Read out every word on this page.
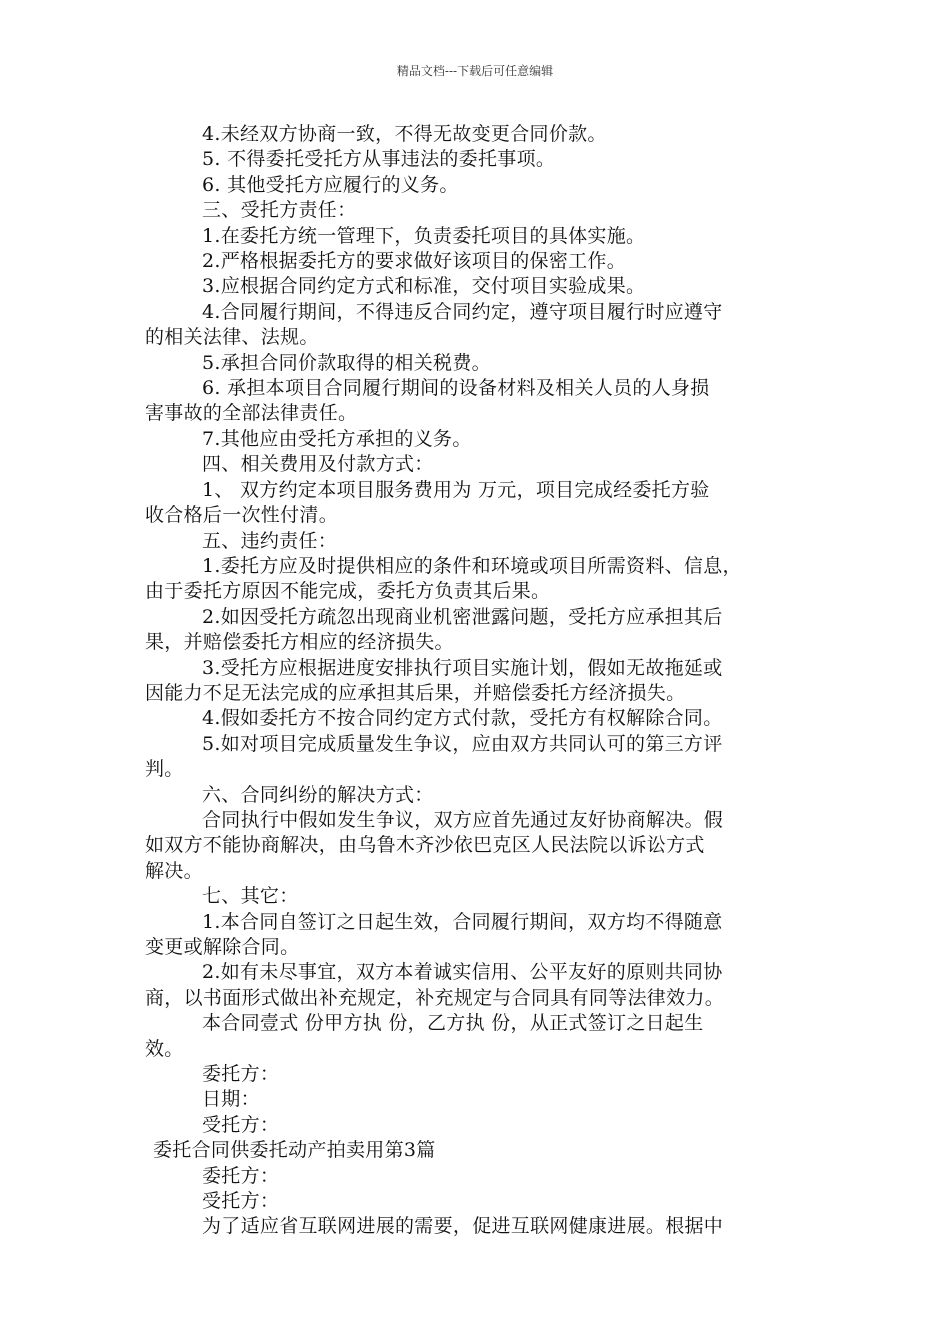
精品文档---下载后可任意编辑

4.未经双方协商一致，不得无故变更合同价款。

5. 不得委托受托方从事违法的委托事项。

6. 其他受托方应履行的义务。

三、受托方责任：

1.在委托方统一管理下，负责委托项目的具体实施。

2.严格根据委托方的要求做好该项目的保密工作。

3.应根据合同约定方式和标准，交付项目实验成果。

4.合同履行期间，不得违反合同约定，遵守项目履行时应遵守

的相关法律、法规。

5.承担合同价款取得的相关税费。

6. 承担本项目合同履行期间的设备材料及相关人员的人身损

害事故的全部法律责任。

7.其他应由受托方承担的义务。

四、相关费用及付款方式：

1、 双方约定本项目服务费用为 万元，项目完成经委托方验

收合格后一次性付清。

五、违约责任：

1.委托方应及时提供相应的条件和环境或项目所需资料、信息，

由于委托方原因不能完成，委托方负责其后果。

2.如因受托方疏忽出现商业机密泄露问题，受托方应承担其后

果，并赔偿委托方相应的经济损失。

3.受托方应根据进度安排执行项目实施计划，假如无故拖延或

因能力不足无法完成的应承担其后果，并赔偿委托方经济损失。

4.假如委托方不按合同约定方式付款，受托方有权解除合同。

5.如对项目完成质量发生争议，应由双方共同认可的第三方评

判。

六、合同纠纷的解决方式：

合同执行中假如发生争议，双方应首先通过友好协商解决。假

如双方不能协商解决，由乌鲁木齐沙依巴克区人民法院以诉讼方式

解决。

七、其它：

1.本合同自签订之日起生效，合同履行期间，双方均不得随意

变更或解除合同。

2.如有未尽事宜，双方本着诚实信用、公平友好的原则共同协

商，以书面形式做出补充规定，补充规定与合同具有同等法律效力。

本合同壹式 份甲方执 份，乙方执 份，从正式签订之日起生

效。

委托方：

日期：

受托方：

委托合同供委托动产拍卖用第3篇

委托方：

受托方：

为了适应省互联网进展的需要，促进互联网健康进展。根据中
